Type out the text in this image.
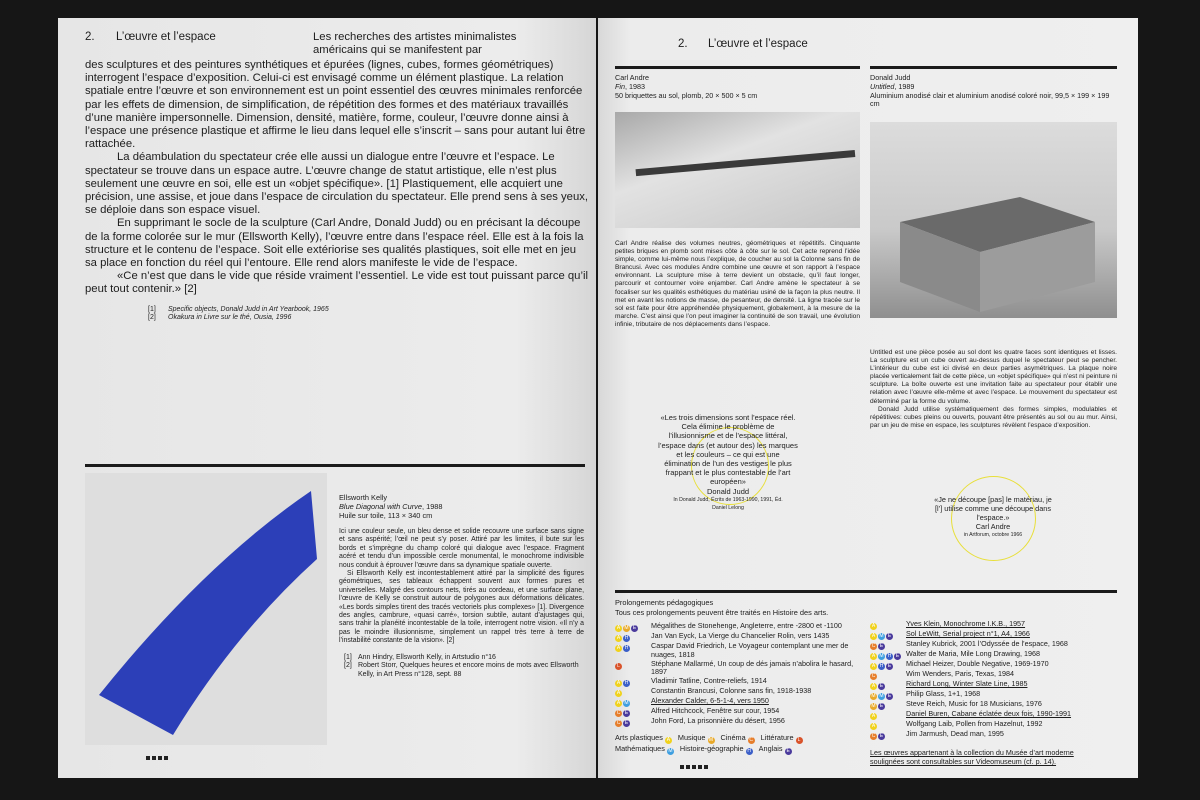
2. L’œuvre et l’espace	Les recherches des artistes minimalistes américains qui se manifestent par

des sculptures et des peintures synthétiques et épurées (lignes, cubes, formes géométriques) interrogent l’espace d’exposition. Celui-ci est envisagé comme un élément plastique. La relation spatiale entre l’œuvre et son environnement est un point essentiel des œuvres minimales renforcée par les effets de dimension, de simplification, de répétition des formes et des matériaux travaillés d’une manière impersonnelle. Dimension, densité, matière, forme, couleur, l’œuvre donne ainsi à l’espace une présence plastique et affirme le lieu dans lequel elle s’inscrit – sans pour autant lui être rattachée.

La déambulation du spectateur crée elle aussi un dialogue entre l’œuvre et l’espace. Le spectateur se trouve dans un espace autre. L’œuvre change de statut artistique, elle n’est plus seulement une œuvre en soi, elle est un «objet spécifique». [1] Plastiquement, elle acquiert une précision, une assise, et joue dans l’espace de circulation du spectateur. Elle prend sens à ses yeux, se déploie dans son espace visuel.

En supprimant le socle de la sculpture (Carl Andre, Donald Judd) ou en précisant la découpe de la forme colorée sur le mur (Ellsworth Kelly), l’œuvre entre dans l’espace réel. Elle est à la fois la structure et le contenu de l’espace. Soit elle extériorise ses qualités plastiques, soit elle met en jeu sa place en fonction du réel qui l’entoure. Elle rend alors manifeste le vide de l’espace.

«Ce n’est que dans le vide que réside vraiment l’essentiel. Le vide est tout puissant parce qu’il peut tout contenir.» [2]

[1] Specific objects, Donald Judd in Art Yearbook, 1965
[2] Okakura in Livre sur le thé, Ousia, 1996
Ellsworth Kelly
Blue Diagonal with Curve, 1988
Huile sur toile, 113 × 340 cm

Ici une couleur seule, un bleu dense et solide recouvre une surface sans signe et sans aspérité; l’œil ne peut s’y poser. Attiré par les limites, il bute sur les bords et s’imprègne du champ coloré qui dialogue avec l’espace. Fragment acéré et tendu d’un impossible cercle monumental, le monochrome indivisible nous conduit à éprouver l’œuvre dans sa dynamique spatiale ouverte.

Si Ellsworth Kelly est incontestablement attiré par la simplicité des figures géométriques, ses tableaux échappent souvent aux formes pures et universelles. Malgré des contours nets, tirés au cordeau, et une surface plane, l’œuvre de Kelly se construit autour de polygones aux déformations délicates. «Les bords simples tirent des tracés vectoriels plus complexes» [1]. Divergence des angles, cambrure, «quasi carré», torsion subtile, autant d’ajustages qui, sans trahir la planéité incontestable de la toile, interrogent notre vision. «Il n’y a pas le moindre illusionnisme, simplement un rappel très terre à terre de l’instabilité constante de la vision». [2]

[1] Ann Hindry, Ellsworth Kelly, in Artstudio n°16
[2] Robert Storr, Quelques heures et encore moins de mots avec Ellsworth Kelly, in Art Press n°128, sept. 88
2. L’œuvre et l’espace
Carl Andre
Fin, 1983
50 briquettes au sol, plomb, 20 × 500 × 5 cm

Carl Andre réalise des volumes neutres, géométriques et répétitifs. Cinquante petites briques en plomb sont mises côte à côte sur le sol. Cet acte reprend l’idée simple, comme lui-même nous l’explique, de coucher au sol la Colonne sans fin de Brancusi. Avec ces modules Andre combine une œuvre et son rapport à l’espace environnant. La sculpture mise à terre devient un obstacle, qu’il faut longer, parcourir et contourner voire enjamber. Carl Andre amène le spectateur à se focaliser sur les qualités esthétiques du matériau usiné de la façon la plus neutre. Il met en avant les notions de masse, de pesanteur, de densité. La ligne tracée sur le sol est faite pour être appréhendée physiquement, globalement, à la mesure de la marche. C’est ainsi que l’on peut imaginer la continuité de son travail, une évolution infinie, tributaire de nos déplacements dans l’espace.

Donald Judd
Untitled, 1989
Aluminium anodisé clair et aluminium anodisé coloré noir, 99,5 × 199 × 199 cm

Untitled est une pièce posée au sol dont les quatre faces sont identiques et lisses. La sculpture est un cube ouvert au-dessus duquel le spectateur peut se pencher. L’intérieur du cube est ici divisé en deux parties asymétriques. La plaque noire placée verticalement fait de cette pièce, un «objet spécifique» qui n’est ni peinture ni sculpture. La boîte ouverte est une invitation faite au spectateur pour établir une relation avec l’œuvre elle-même et avec l’espace. Le mouvement du spectateur est déterminé par la forme du volume.

Donald Judd utilise systématiquement des formes simples, modulables et répétitives: cubes pleins ou ouverts, pouvant être présentés au sol ou au mur. Ainsi, par un jeu de mise en espace, les sculptures révèlent l’espace d’exposition.

«Les trois dimensions sont l’espace réel. Cela élimine le problème de l’illusionnisme et de l’espace littéral, l’espace dans (et autour des) les marques et les couleurs – ce qui est une élimination de l’un des vestiges le plus frappant et le plus contestable de l’art européen»
Donald Judd
In Donald Judd, Écrits de 1963-1990, 1991, Éd. Daniel Lelong
«Je ne découpe [pas] le matériau, je [l’] utilise comme une découpe dans l’espace.»
Carl Andre
in Artforum, octobre 1966
Prolongements pédagogiques
Tous ces prolongements peuvent être traités en Histoire des arts.
A M E	Mégalithes de Stonehenge, Angleterre, entre -2800 et -1100
A H	Jan Van Eyck, La Vierge du Chancelier Rolin, vers 1435
A H	Caspar David Friedrich, Le Voyageur contemplant une mer de nuages, 1818
L	Stéphane Mallarmé, Un coup de dés jamais n’abolira le hasard, 1897
A H	Vladimir Tatline, Contre-reliefs, 1914
A	Constantin Brancusi, Colonne sans fin, 1918-1938
A M	Alexander Calder, 6-5-1-4, vers 1950
C E	Alfred Hitchcock, Fenêtre sur cour, 1954
C E	John Ford, La prisonnière du désert, 1956
Arts plastiques A Musique M Cinéma C Littérature L
Mathématiques M Histoire-géographie H Anglais E
A	Yves Klein, Monochrome I.K.B., 1957
A M E	Sol LeWitt, Serial project n°1, A4, 1966
C E	Stanley Kubrick, 2001 l’Odyssée de l’espace, 1968
A M H E Walter de Maria, Mile Long Drawing, 1968
A H E	Michael Heizer, Double Negative, 1969-1970
C	Wim Wenders, Paris, Texas, 1984
A E	Richard Long, Winter Slate Line, 1985
M M E	Philip Glass, 1+1, 1968
M E	Steve Reich, Music for 18 Musicians, 1976
A	Daniel Buren, Cabane éclatée deux fois, 1990-1991
A	Wolfgang Laib, Pollen from Hazelnut, 1992
C E	Jim Jarmush, Dead man, 1995
Les œuvres appartenant à la collection du Musée d’art moderne soulignées sont consultables sur Videomuseum (cf. p. 14).
